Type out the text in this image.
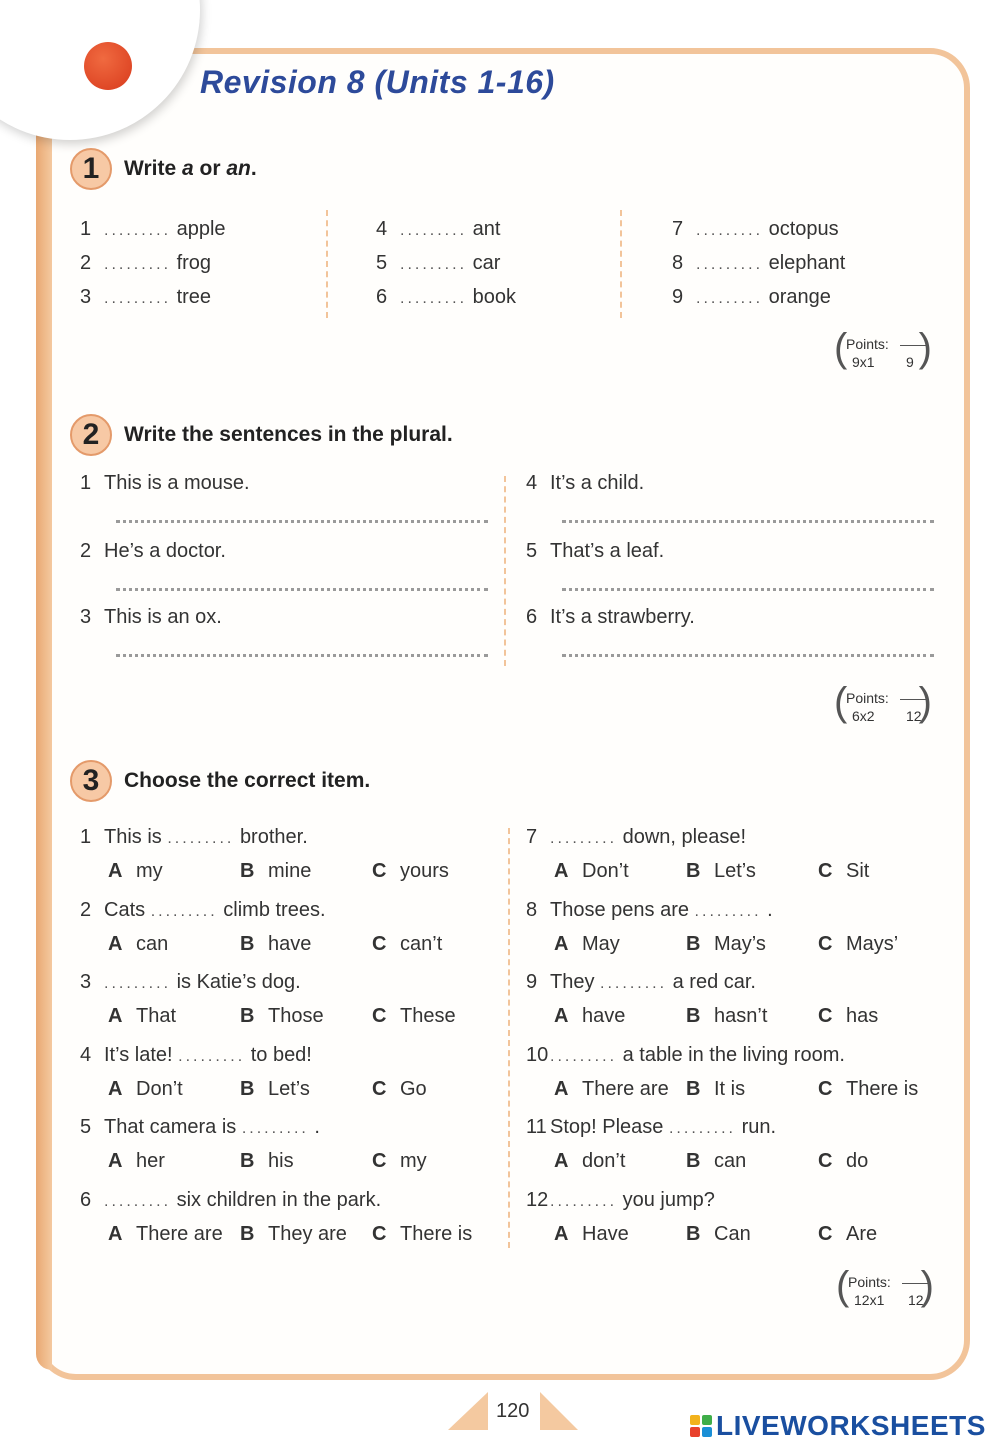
Revision 8 (Units 1-16)
1	Write a or an.
1 ......... apple
2 ......... frog
3 ......... tree
4 ......... ant
5 ......... car
6 ......... book
7 ......... octopus
8 ......... elephant
9 ......... orange
(
Points:
9x1 9 )
2	Write the sentences in the plural.
1 This is a mouse.
2 He’s a doctor.
3 This is an ox.
4 It’s a child.
5 That’s a leaf.
6 It’s a strawberry.
(
Points:
6x2 12
)
3	Choose the correct item.
1 This is ......... brother.
A my	B mine	C yours
2 Cats ......... climb trees.
A can	B have	C can’t
3 ......... is Katie’s dog.
A That	B Those C These
4 It’s late! ......... to bed!
A Don’t	B Let’s	C Go
5 That camera is ......... .
A her	B his	C my
6 ......... six children in the park.
A There are B They are C There is
7 ......... down, please!
A Don’t	B Let’s	C Sit
8 Those pens are ......... .
A May	B May’s	C Mays’
9 They ......... a red car.
A have	B hasn’t	C has
10 ......... a table in the living room.
A There are B It is	C There is
11 Stop! Please ......... run.
A don’t	B can	C do
12 ......... you jump?
A Have	B Can	C Are
(
Points:
12x1 12
)
120	LIVEWORKSHEETS
